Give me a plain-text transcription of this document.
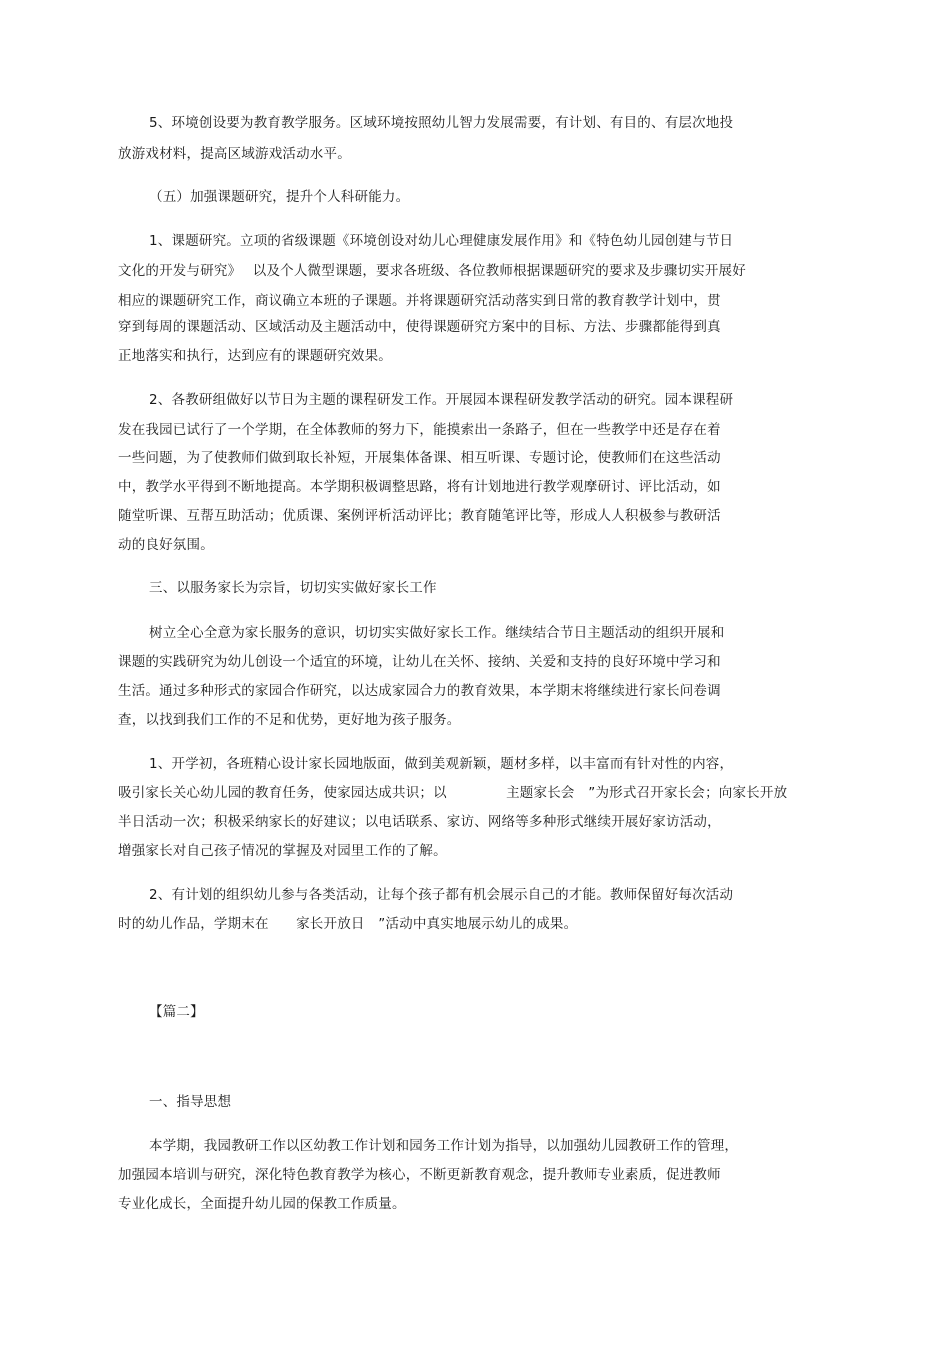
5、环境创设要为教育教学服务。区域环境按照幼儿智力发展需要，有计划、有目的、有层次地投
放游戏材料，提高区域游戏活动水平。
（五）加强课题研究，提升个人科研能力。
1、课题研究。立项的省级课题《环境创设对幼儿心理健康发展作用》和《特色幼儿园创建与节日
文化的开发与研究》　 以及个人微型课题，要求各班级、各位教师根据课题研究的要求及步骤切实开展好
相应的课题研究工作，商议确立本班的子课题。并将课题研究活动落实到日常的教育教学计划中，贯
穿到每周的课题活动、区域活动及主题活动中，使得课题研究方案中的目标、方法、步骤都能得到真
正地落实和执行，达到应有的课题研究效果。
2、各教研组做好以节日为主题的课程研发工作。开展园本课程研发教学活动的研究。园本课程研
发在我园已试行了一个学期，在全体教师的努力下，能摸索出一条路子，但在一些教学中还是存在着
一些问题，为了使教师们做到取长补短，开展集体备课、相互听课、专题讨论，使教师们在这些活动
中，教学水平得到不断地提高。本学期积极调整思路，将有计划地进行教学观摩研讨、评比活动，如
随堂听课、互帮互助活动；优质课、案例评析活动评比；教育随笔评比等，形成人人积极参与教研活
动的良好氛围。
三、以服务家长为宗旨，切切实实做好家长工作
树立全心全意为家长服务的意识，切切实实做好家长工作。继续结合节日主题活动的组织开展和
课题的实践研究为幼儿创设一个适宜的环境，让幼儿在关怀、接纳、关爱和支持的良好环境中学习和
生活。通过多种形式的家园合作研究，以达成家园合力的教育效果，本学期末将继续进行家长问卷调
查，以找到我们工作的不足和优势，更好地为孩子服务。
1、开学初，各班精心设计家长园地版面，做到美观新颖，题材多样，以丰富而有针对性的内容，
吸引家长关心幼儿园的教育任务，使家园达成共识；以　　　　 主题家长会　”为形式召开家长会；向家长开放
半日活动一次；积极采纳家长的好建议；以电话联系、家访、网络等多种形式继续开展好家访活动，
增强家长对自己孩子情况的掌握及对园里工作的了解。
2、有计划的组织幼儿参与各类活动，让每个孩子都有机会展示自己的才能。教师保留好每次活动
时的幼儿作品，学期末在　　家长开放日　”活动中真实地展示幼儿的成果。
【篇二】
一、指导思想
本学期，我园教研工作以区幼教工作计划和园务工作计划为指导，以加强幼儿园教研工作的管理，
加强园本培训与研究，深化特色教育教学为核心，不断更新教育观念，提升教师专业素质，促进教师
专业化成长，全面提升幼儿园的保教工作质量。
